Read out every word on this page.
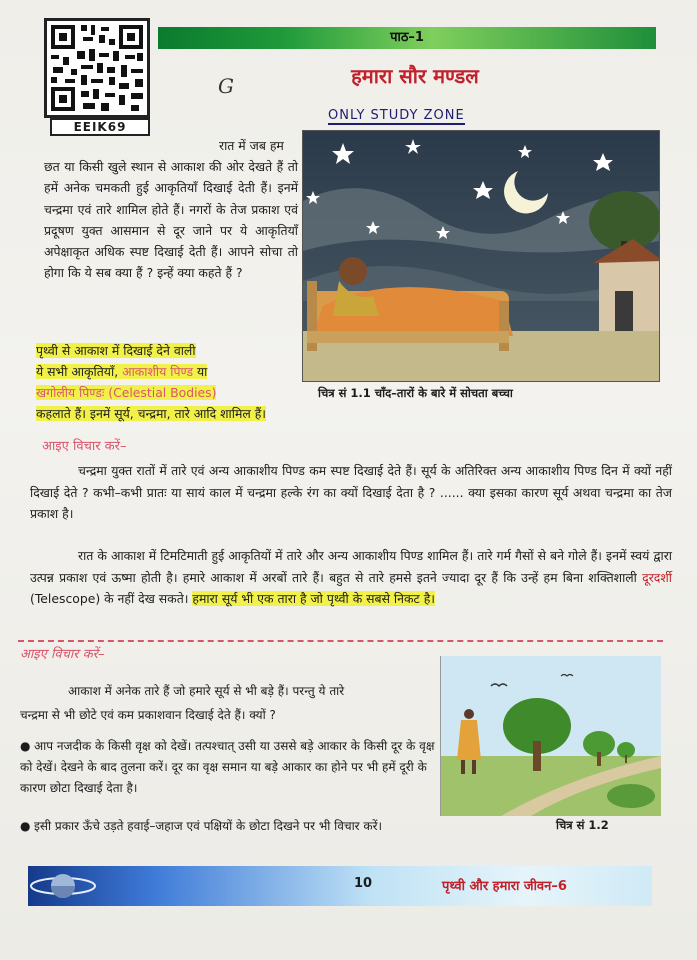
EEIK69
पाठ–1
G	हमारा सौर मण्डल
ONLY STUDY ZONE
रात में जब हम
छत या किसी खुले स्थान से आकाश की ओर देखते हैं तो हमें अनेक चमकती हुई आकृतियाँ दिखाई देती हैं। इनमें चन्द्रमा एवं तारे शामिल होते हैं। नगरों के तेज प्रकाश एवं प्रदूषण युक्त आसमान से दूर जाने पर ये आकृतियाँ अपेक्षाकृत अधिक स्पष्ट दिखाई देती हैं। आपने सोचा तो होगा कि ये सब क्या हैं ? इन्हें क्या कहते हैं ?
चित्र सं 1.1 चाँद–तारों के बारे में सोचता बच्चा
पृथ्वी से आकाश में दिखाई देने वाली
ये सभी आकृतियाँ, आकाशीय पिण्ड या
खगोलीय पिण्डः (Celestial Bodies)
कहलाते हैं। इनमें सूर्य, चन्द्रमा, तारे आदि शामिल हैं।
आइए विचार करें–
चन्द्रमा युक्त रातों में तारे एवं अन्य आकाशीय पिण्ड कम स्पष्ट दिखाई देते हैं। सूर्य के अतिरिक्त अन्य आकाशीय पिण्ड दिन में क्यों नहीं दिखाई देते ? कभी–कभी प्रातः या सायं काल में चन्द्रमा हल्के रंग का क्यों दिखाई देता है ? ...... क्या इसका कारण सूर्य अथवा चन्द्रमा का तेज प्रकाश है।
रात के आकाश में टिमटिमाती हुई आकृतियों में तारे और अन्य आकाशीय पिण्ड शामिल हैं। तारे गर्म गैसों से बने गोले हैं। इनमें स्वयं द्वारा उत्पन्न प्रकाश एवं ऊष्मा होती है। हमारे आकाश में अरबों तारे हैं। बहुत से तारे हमसे इतने ज्यादा दूर हैं कि उन्हें हम बिना शक्तिशाली दूरदर्शी (Telescope) के नहीं देख सकते। हमारा सूर्य भी एक तारा है जो पृथ्वी के सबसे निकट है।
आइए विचार करें–
आकाश में अनेक तारे हैं जो हमारे सूर्य से भी बड़े हैं। परन्तु ये तारे
चन्द्रमा से भी छोटे एवं कम प्रकाशवान दिखाई देते हैं। क्यों ?
● आप नजदीक के किसी वृक्ष को देखें। तत्पश्चात् उसी या उससे बड़े आकार के किसी दूर के वृक्ष को देखें। देखने के बाद तुलना करें। दूर का वृक्ष समान या बड़े आकार का होने पर भी हमें दूरी के कारण छोटा दिखाई देता है।
● इसी प्रकार ऊँचे उड़ते हवाई–जहाज एवं पक्षियों के छोटा दिखने पर भी विचार करें।	चित्र सं 1.2
10	पृथ्वी और हमारा जीवन–6
